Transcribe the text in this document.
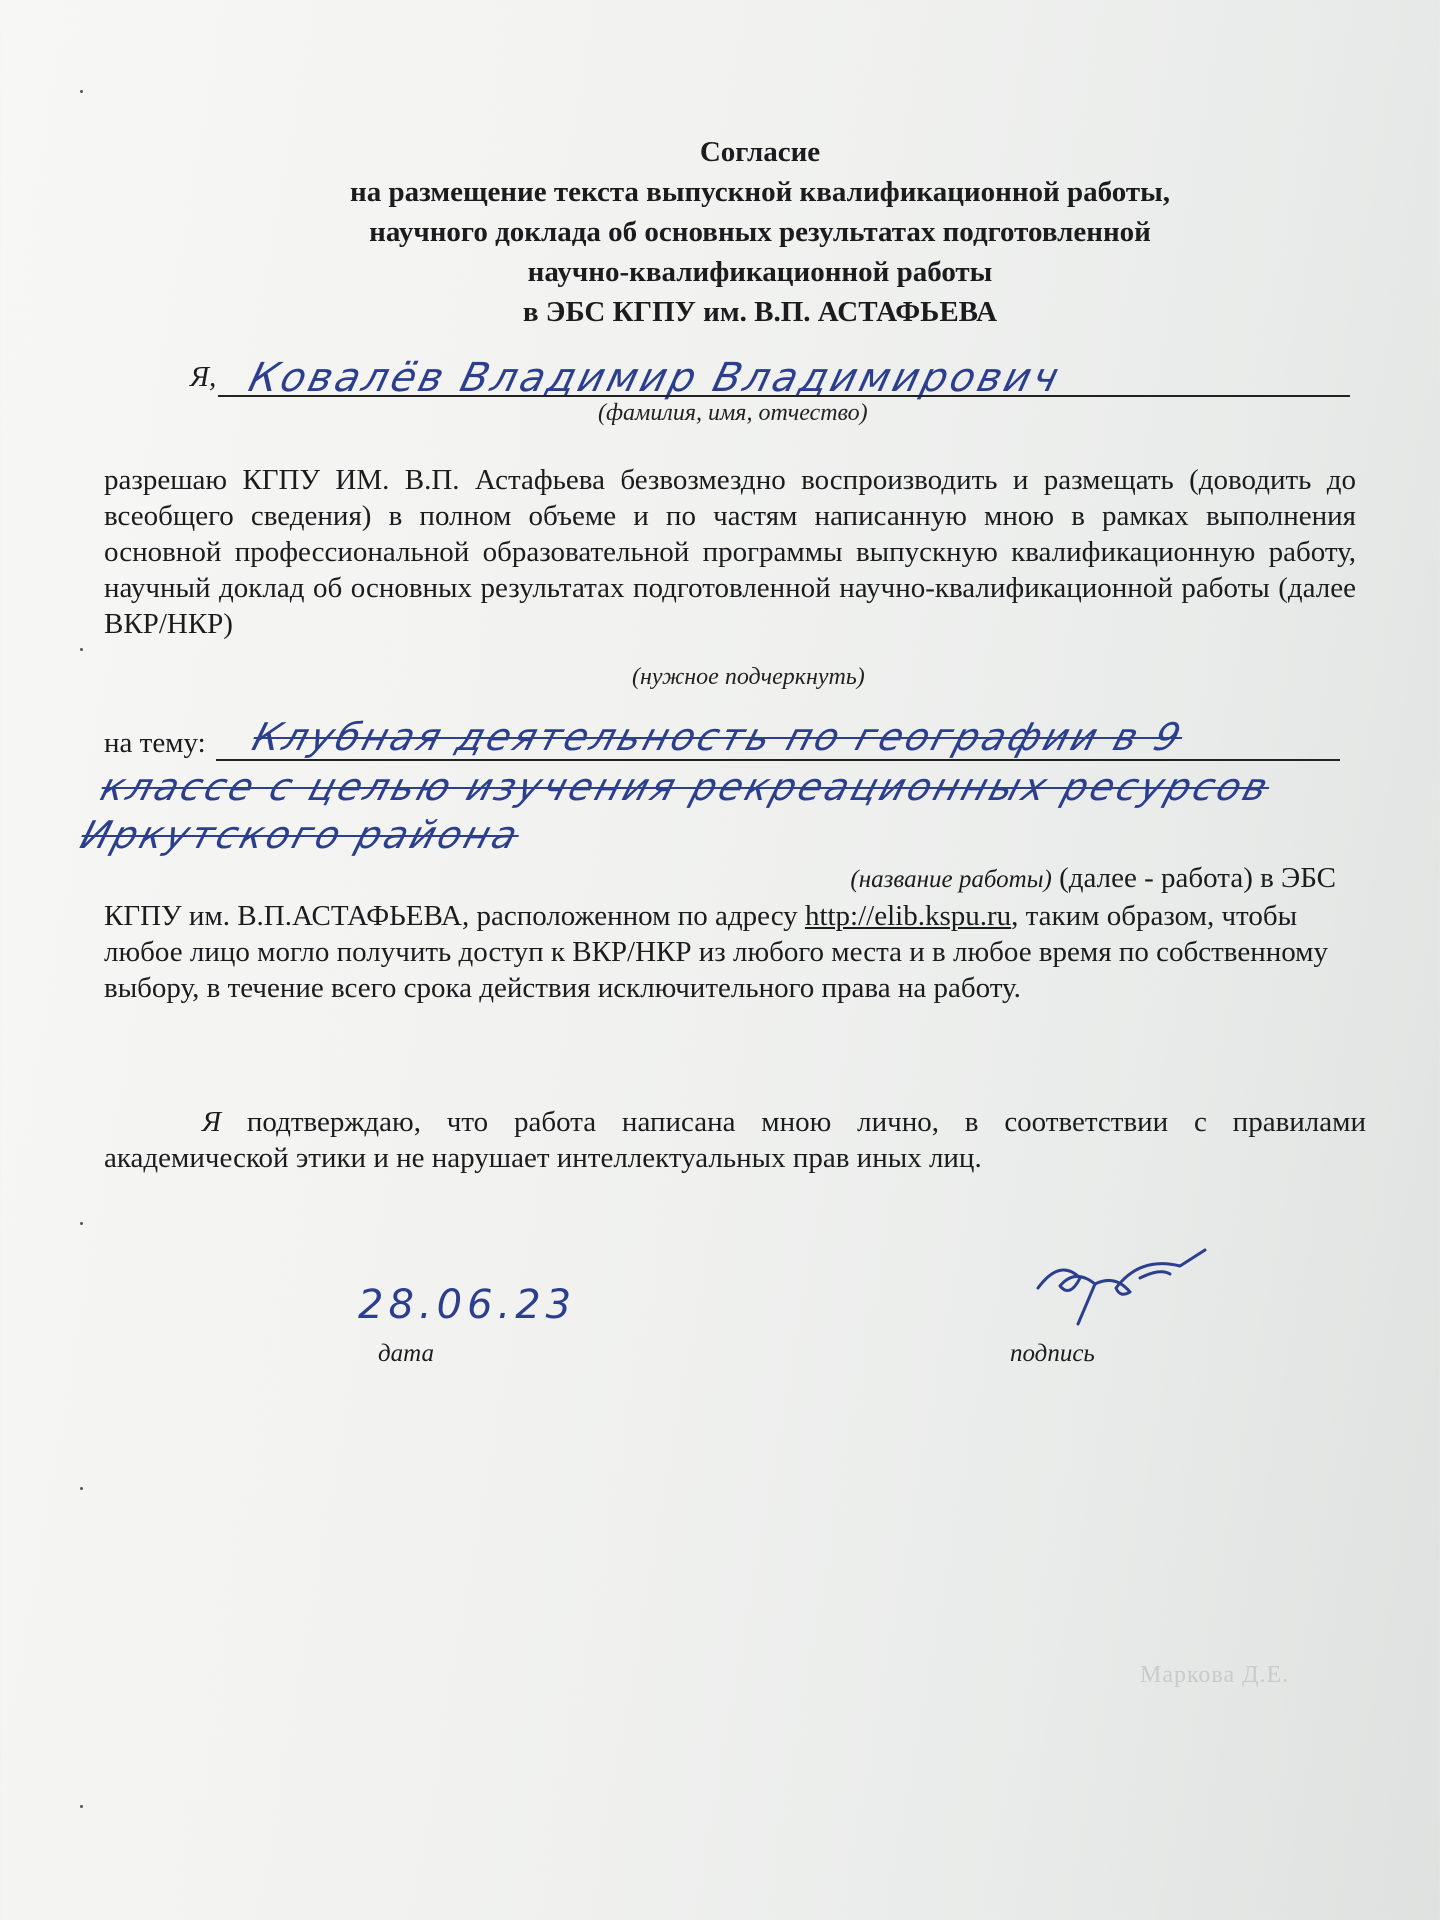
Согласие
на размещение текста выпускной квалификационной работы,
научного доклада об основных результатах подготовленной
научно-квалификационной работы
в ЭБС КГПУ им. В.П. АСТАФЬЕВА
Я, Ковалёв Владимир Владимирович
(фамилия, имя, отчество)
разрешаю КГПУ ИМ. В.П. Астафьева безвозмездно воспроизводить и размещать (доводить до всеобщего сведения) в полном объеме и по частям написанную мною в рамках выполнения основной профессиональной образовательной программы выпускную квалификационную работу, научный доклад об основных результатах подготовленной научно-квалификационной работы (далее ВКР/НКР)
(нужное подчеркнуть)
на тему: Клубная деятельность по географии в 9
классе с целью изучения рекреационных ресурсов
Иркутского района
(название работы) (далее - работа) в ЭБС
КГПУ им. В.П.АСТАФЬЕВА, расположенном по адресу http://elib.kspu.ru, таким образом, чтобы любое лицо могло получить доступ к ВКР/НКР из любого места и в любое время по собственному выбору, в течение всего срока действия исключительного права на работу.
Я подтверждаю, что работа написана мною лично, в соответствии с правилами академической этики и не нарушает интеллектуальных прав иных лиц.
28.06.23
дата	подпись
Маркова Д.Е.
